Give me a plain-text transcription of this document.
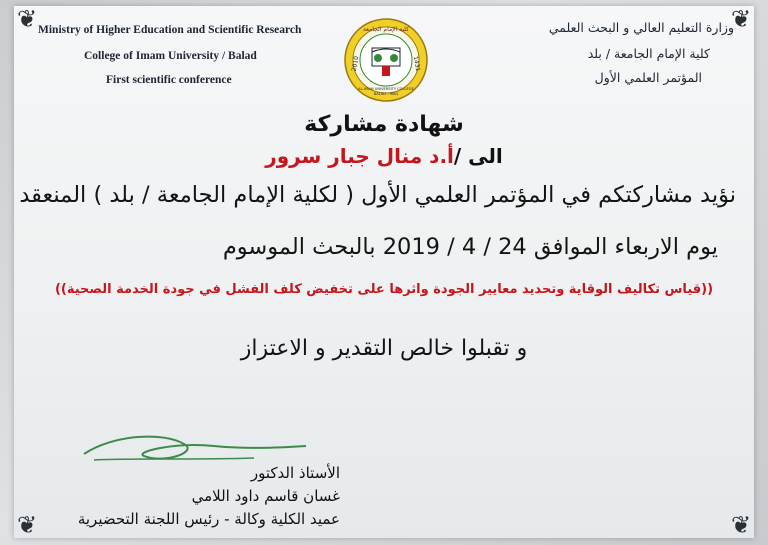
❦	❦
❦	❦
Ministry of Higher Education and Scientific Research
College of Imam University / Balad
First scientific conference
وزارة التعليم العالي و البحث العلمي
كلية الإمام الجامعة / بلد
المؤتمر العلمي الأول
كلية الإمام الجامعة
2010	1431
AL-IMAM UNIVERSITY COLLEGE
BALAD - IRAQ
شهادة مشاركة
الى /أ.د منال جبار سرور
نؤيد مشاركتكم في المؤتمر العلمي الأول ( لكلية الإمام الجامعة / بلد ) المنعقد
يوم الاربعاء الموافق 24 / 4 / 2019 بالبحث الموسوم
((قياس تكاليف الوقاية وتحديد معايير الجودة واثرها على تخفيض كلف الفشل في جودة الخدمة الصحية))
و تقبلوا خالص التقدير و الاعتزاز
الأستاذ الدكتور
غسان قاسم داود اللامي
عميد الكلية وكالة - رئيس اللجنة التحضيرية
